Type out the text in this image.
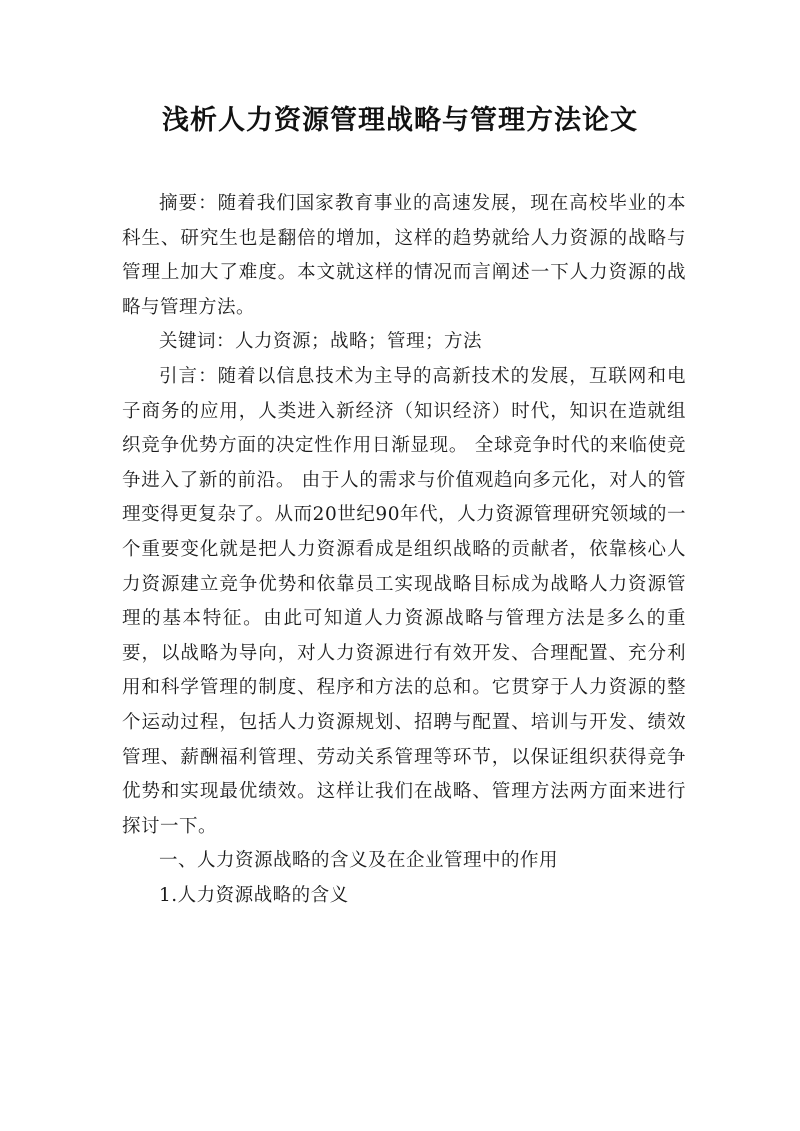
浅析人力资源管理战略与管理方法论文

摘要：随着我们国家教育事业的高速发展，现在高校毕业的本科生、研究生也是翻倍的增加，这样的趋势就给人力资源的战略与管理上加大了难度。本文就这样的情况而言阐述一下人力资源的战略与管理方法。

关键词：人力资源；战略；管理；方法

引言：随着以信息技术为主导的高新技术的发展，互联网和电子商务的应用，人类进入新经济（知识经济）时代，知识在造就组织竞争优势方面的决定性作用日渐显现。 全球竞争时代的来临使竞争进入了新的前沿。 由于人的需求与价值观趋向多元化，对人的管理变得更复杂了。从而20世纪90年代，人力资源管理研究领域的一个重要变化就是把人力资源看成是组织战略的贡献者，依靠核心人力资源建立竞争优势和依靠员工实现战略目标成为战略人力资源管理的基本特征。由此可知道人力资源战略与管理方法是多么的重要，以战略为导向，对人力资源进行有效开发、合理配置、充分利用和科学管理的制度、程序和方法的总和。它贯穿于人力资源的整个运动过程，包括人力资源规划、招聘与配置、培训与开发、绩效管理、薪酬福利管理、劳动关系管理等环节，以保证组织获得竞争优势和实现最优绩效。这样让我们在战略、管理方法两方面来进行探讨一下。

一、人力资源战略的含义及在企业管理中的作用

1.人力资源战略的含义
